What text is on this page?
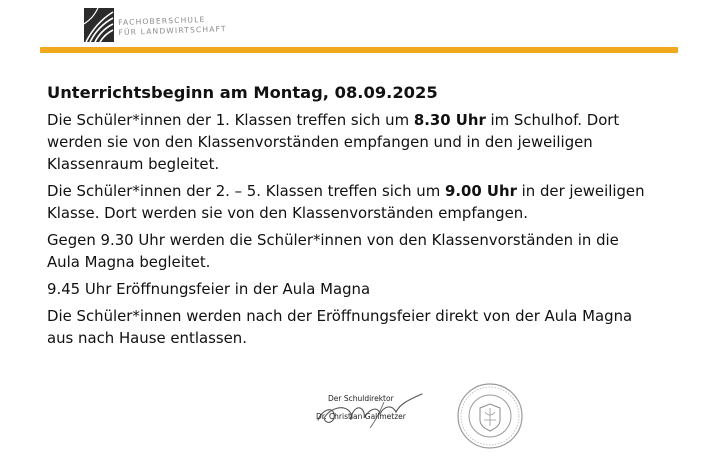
FACHOBERSCHULE
FÜR LANDWIRTSCHAFT
Unterrichtsbeginn am Montag, 08.09.2025
Die Schüler*innen der 1. Klassen treffen sich um 8.30 Uhr im Schulhof. Dort
werden sie von den Klassenvorständen empfangen und in den jeweiligen
Klassenraum begleitet.
Die Schüler*innen der 2. – 5. Klassen treffen sich um 9.00 Uhr in der jeweiligen
Klasse. Dort werden sie von den Klassenvorständen empfangen.
Gegen 9.30 Uhr werden die Schüler*innen von den Klassenvorständen in die
Aula Magna begleitet.
9.45 Uhr Eröffnungsfeier in der Aula Magna
Die Schüler*innen werden nach der Eröffnungsfeier direkt von der Aula Magna
aus nach Hause entlassen.
Der Schuldirektor
Dr. Christian Gallmetzer
